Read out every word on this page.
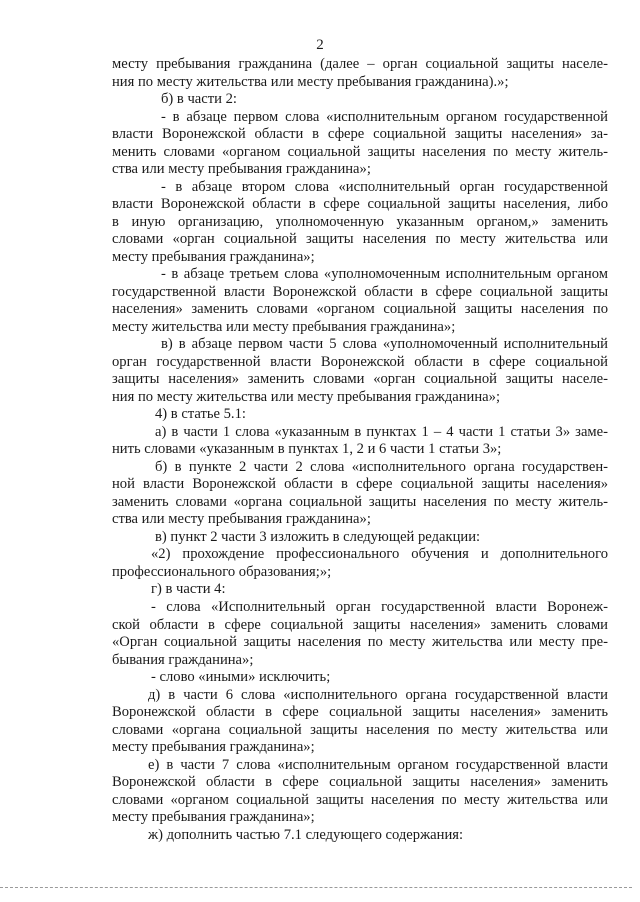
2
месту пребывания гражданина (далее – орган социальной защиты населе-
ния по месту жительства или месту пребывания гражданина).»;
б) в части 2:
- в абзаце первом слова «исполнительным органом государственной
власти Воронежской области в сфере социальной защиты населения» за-
менить словами «органом социальной защиты населения по месту житель-
ства или месту пребывания гражданина»;
- в абзаце втором слова «исполнительный орган государственной
власти Воронежской области в сфере социальной защиты населения, либо
в иную организацию, уполномоченную указанным органом,» заменить
словами «орган социальной защиты населения по месту жительства или
месту пребывания гражданина»;
- в абзаце третьем слова «уполномоченным исполнительным органом
государственной власти Воронежской области в сфере социальной защиты
населения» заменить словами «органом социальной защиты населения по
месту жительства или месту пребывания гражданина»;
в) в абзаце первом части 5 слова «уполномоченный исполнительный
орган государственной власти Воронежской области в сфере социальной
защиты населения» заменить словами «орган социальной защиты населе-
ния по месту жительства или месту пребывания гражданина»;
4) в статье 5.1:
а) в части 1 слова «указанным в пунктах 1 – 4 части 1 статьи 3» заме-
нить словами «указанным в пунктах 1, 2 и 6 части 1 статьи 3»;
б) в пункте 2 части 2 слова «исполнительного органа государствен-
ной власти Воронежской области в сфере социальной защиты населения»
заменить словами «органа социальной защиты населения по месту житель-
ства или месту пребывания гражданина»;
в) пункт 2 части 3 изложить в следующей редакции:
«2) прохождение профессионального обучения и дополнительного
профессионального образования;»;
г) в части 4:
- слова «Исполнительный орган государственной власти Воронеж-
ской области в сфере социальной защиты населения» заменить словами
«Орган социальной защиты населения по месту жительства или месту пре-
бывания гражданина»;
- слово «иными» исключить;
д) в части 6 слова «исполнительного органа государственной власти
Воронежской области в сфере социальной защиты населения» заменить
словами «органа социальной защиты населения по месту жительства или
месту пребывания гражданина»;
е) в части 7 слова «исполнительным органом государственной власти
Воронежской области в сфере социальной защиты населения» заменить
словами «органом социальной защиты населения по месту жительства или
месту пребывания гражданина»;
ж) дополнить частью 7.1 следующего содержания:
